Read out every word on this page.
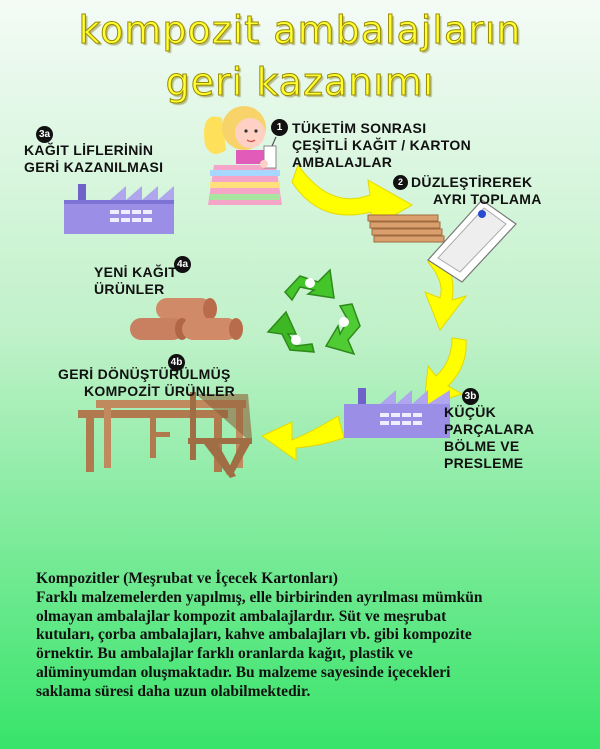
kompozit ambalajların
geri kazanımı
1
2
3a
3b
4a
4b
TÜKETİM SONRASI
ÇEŞİTLİ KAĞIT / KARTON
AMBALAJLAR
DÜZLEŞTİREREK
AYRI TOPLAMA
KAĞIT LİFLERİNİN
GERİ KAZANILMASI
KÜÇÜK
PARÇALARA
BÖLME VE
PRESLEME
YENİ KAĞIT
ÜRÜNLER
GERİ DÖNÜŞTÜRÜLMÜŞ
KOMPOZİT ÜRÜNLER

Kompozitler (Meşrubat ve İçecek Kartonları)

Farklı malzemelerden yapılmış, elle birbirinden ayrılması mümkün

olmayan ambalajlar kompozit ambalajlardır. Süt ve meşrubat

kutuları, çorba ambalajları, kahve ambalajları vb. gibi kompozite

örnektir. Bu ambalajlar farklı oranlarda kağıt, plastik ve

alüminyumdan oluşmaktadır. Bu malzeme sayesinde içecekleri

saklama süresi daha uzun olabilmektedir.
